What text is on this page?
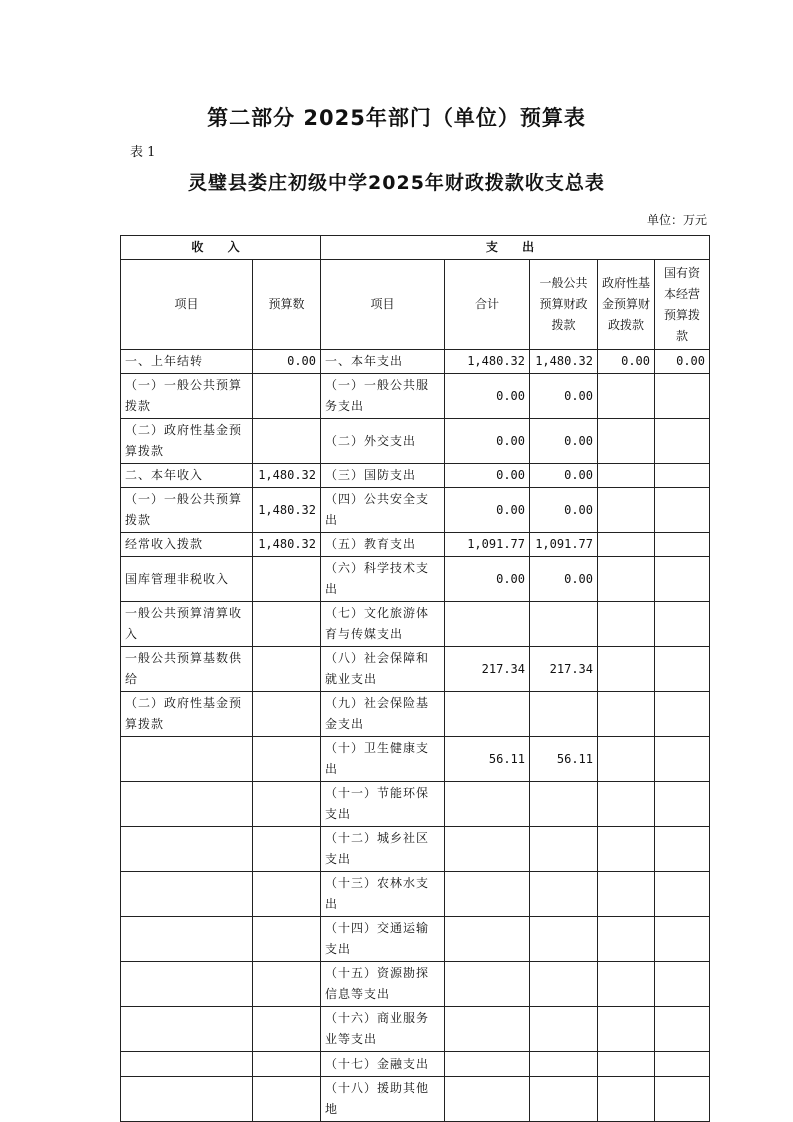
第二部分 2025年部门（单位）预算表
表 1
灵璧县娄庄初级中学2025年财政拨款收支总表
单位：万元
收 入		支 出				
项目	预算数	项目	合计	一般公共预算财政拨款	政府性基金预算财政拨款	国有资本经营预算拨款
一、上年结转	0.00	一、本年支出	1,480.32	1,480.32	0.00	0.00
（一）一般公共预算拨款		（一）一般公共服务支出	0.00	0.00		
（二）政府性基金预算拨款		（二）外交支出	0.00	0.00		
二、本年收入	1,480.32	（三）国防支出	0.00	0.00		
（一）一般公共预算拨款	1,480.32	（四）公共安全支出	0.00	0.00		
经常收入拨款	1,480.32	（五）教育支出	1,091.77	1,091.77		
国库管理非税收入		（六）科学技术支出	0.00	0.00		
一般公共预算清算收入		（七）文化旅游体育与传媒支出				
一般公共预算基数供给		（八）社会保障和就业支出	217.34	217.34		
（二）政府性基金预算拨款		（九）社会保险基金支出				
		（十）卫生健康支出	56.11	56.11		
		（十一）节能环保支出				
		（十二）城乡社区支出				
		（十三）农林水支出				
		（十四）交通运输支出				
		（十五）资源勘探信息等支出				
		（十六）商业服务业等支出				
		（十七）金融支出				
		（十八）援助其他地				
